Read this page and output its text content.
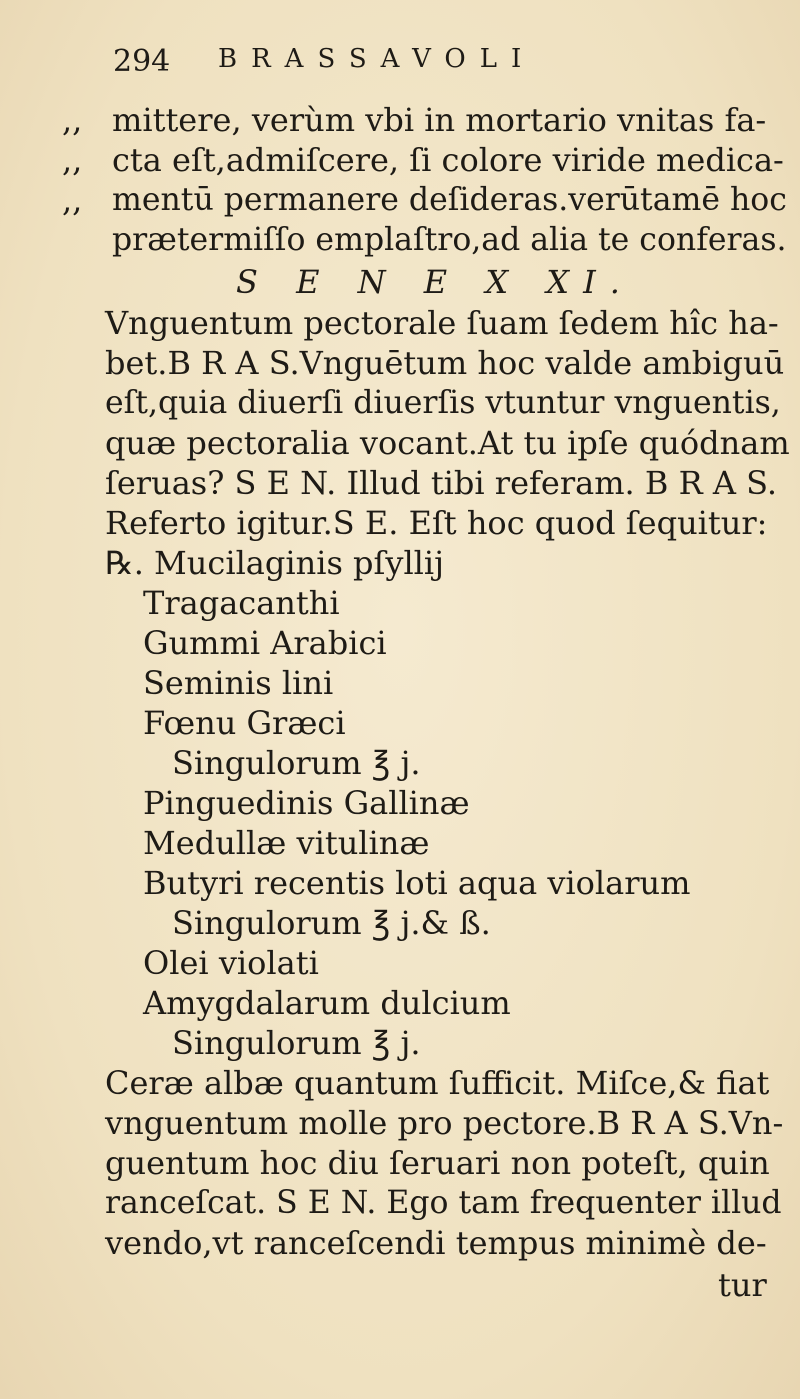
294 BRASSAVOLI
,,
,,
,,
mittere, verùm vbi in mortario vnitas fa-
cta eſt,admiſcere, ſi colore viride medica-
mentū permanere deſideras.verūtamē hoc
prætermiſſo emplaſtro,ad alia te conferas.
S E N E X XI.
Vnguentum pectorale ſuam ſedem hîc ha-
bet.B R A S.Vnguētum hoc valde ambiguū
eſt,quia diuerſi diuerſis vtuntur vnguentis,
quæ pectoralia vocant.At tu ipſe quódnam
ſeruas? S E N. Illud tibi referam. B R A S.
Referto igitur.S E. Eſt hoc quod ſequitur:
℞. Mucilaginis pſyllij
Tragacanthi
Gummi Arabici
Seminis lini
Fœnu Græci
Singulorum ℥ j.
Pinguedinis Gallinæ
Medullæ vitulinæ
Butyri recentis loti aqua violarum
Singulorum ℥ j.& ß.
Olei violati
Amygdalarum dulcium
Singulorum ℥ j.
Ceræ albæ quantum ſufficit. Miſce,& fiat
vnguentum molle pro pectore.B R A S.Vn-
guentum hoc diu ſeruari non poteſt, quin
ranceſcat. S E N. Ego tam frequenter illud
vendo,vt ranceſcendi tempus minimè de-
tur
